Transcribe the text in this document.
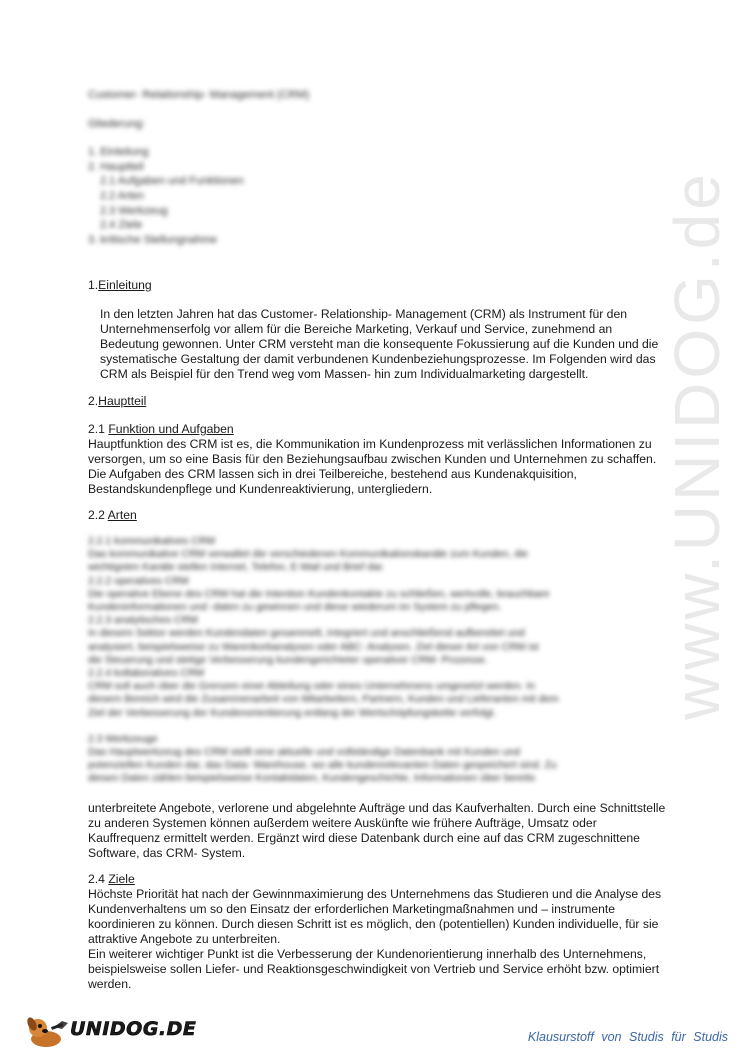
www.UNIDOG.de

Customer- Relationship- Management (CRM)

Gliederung:

1. Einleitung

2. Hauptteil

2.1 Aufgaben und Funktionen

2.2 Arten

2.3 Werkzeug

2.4 Ziele

3. kritische Stellungnahme

1.Einleitung

In den letzten Jahren hat das Customer- Relationship- Management (CRM) als Instrument für den Unternehmenserfolg vor allem für die Bereiche Marketing, Verkauf und Service, zunehmend an Bedeutung gewonnen. Unter CRM versteht man die konsequente Fokussierung auf die Kunden und die systematische Gestaltung der damit verbundenen Kundenbeziehungsprozesse. Im Folgenden wird das CRM als Beispiel für den Trend weg vom Massen- hin zum Individualmarketing dargestellt.

2.Hauptteil

2.1 Funktion und Aufgaben

Hauptfunktion des CRM ist es, die Kommunikation im Kundenprozess mit verlässlichen Informationen zu versorgen, um so eine Basis für den Beziehungsaufbau zwischen Kunden und Unternehmen zu schaffen. Die Aufgaben des CRM lassen sich in drei Teilbereiche, bestehend aus Kundenakquisition, Bestandskundenpflege und Kundenreaktivierung, untergliedern.

2.2 Arten

2.2.1 kommunikatives CRM

Das kommunikative CRM verwaltet die verschiedenen Kommunikationskanäle zum Kunden, die

wichtigsten Kanäle stellen Internet, Telefon, E-Mail und Brief dar.

2.2.2 operatives CRM

Die operative Ebene des CRM hat die Intention Kundenkontakte zu schließen, wertvolle, brauchbare

Kundeninformationen und -daten zu gewinnen und diese wiederum im System zu pflegen.

2.2.3 analytisches CRM

In diesem Sektor werden Kundendaten gesammelt, integriert und anschließend aufbereitet und

analysiert, beispielsweise zu Warenkorbanalysen oder ABC- Analysen. Ziel dieser Art von CRM ist

die Steuerung und stetige Verbesserung kundengerichteter operativer CRM- Prozesse.

2.2.4 kollaboratives CRM

CRM soll auch über die Grenzen einer Abteilung oder eines Unternehmens umgesetzt werden. In

diesem Bereich wird die Zusammenarbeit von Mitarbeitern, Partnern, Kunden und Lieferanten mit dem

Ziel der Verbesserung der Kundenorientierung entlang der Wertschöpfungskette verfolgt.

2.3 Werkzeuge

Das Hauptwerkzeug des CRM stellt eine aktuelle und vollständige Datenbank mit Kunden und

potenziellen Kunden dar, das Data- Warehouse, wo alle kundenrelevanten Daten gespeichert sind. Zu

diesen Daten zählen beispielsweise Kontaktdaten, Kundengeschichte, Informationen über bereits

unterbreitete Angebote, verlorene und abgelehnte Aufträge und das Kaufverhalten. Durch eine Schnittstelle zu anderen Systemen können außerdem weitere Auskünfte wie frühere Aufträge, Umsatz oder Kauffrequenz ermittelt werden. Ergänzt wird diese Datenbank durch eine auf das CRM zugeschnittene Software, das CRM- System.

2.4 Ziele

Höchste Priorität hat nach der Gewinnmaximierung des Unternehmens das Studieren und die Analyse des Kundenverhaltens um so den Einsatz der erforderlichen Marketingmaßnahmen und – instrumente koordinieren zu können. Durch diesen Schritt ist es möglich, den (potentiellen) Kunden individuelle, für sie attraktive Angebote zu unterbreiten.

Ein weiterer wichtiger Punkt ist die Verbesserung der Kundenorientierung innerhalb des Unternehmens, beispielsweise sollen Liefer- und Reaktionsgeschwindigkeit von Vertrieb und Service erhöht bzw. optimiert werden.

UNIDOG.DE	Klausurstoff von Studis für Studis
